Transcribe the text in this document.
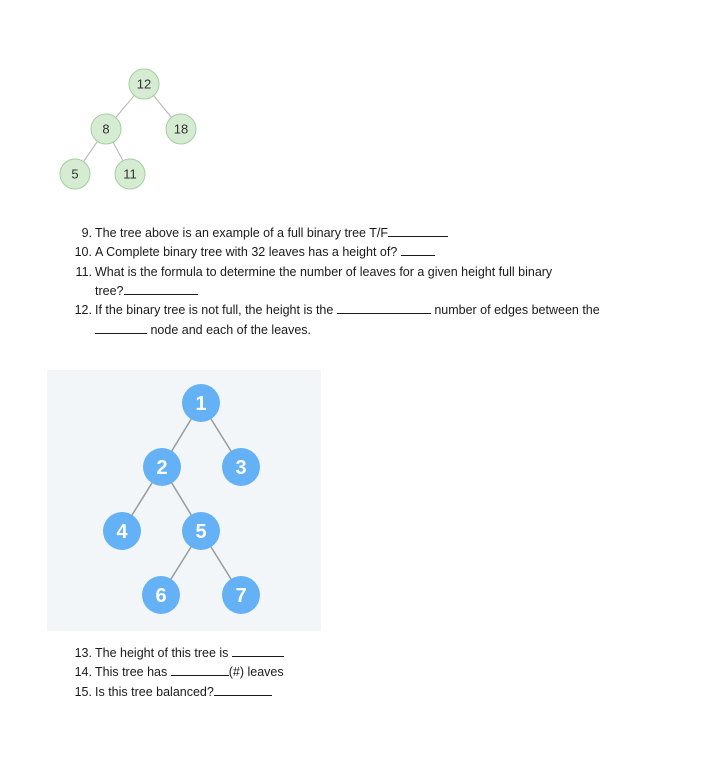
12
8	18
5	11
9. The tree above is an example of a full binary tree T/F
10. A Complete binary tree with 32 leaves has a height of?
11. What is the formula to determine the number of leaves for a given height full binary
tree?
12. If the binary tree is not full, the height is the	number of edges between the
node and each of the leaves.
1
2	3
4	5
6	7
13. The height of this tree is
14. This tree has	(#) leaves
15. Is this tree balanced?
